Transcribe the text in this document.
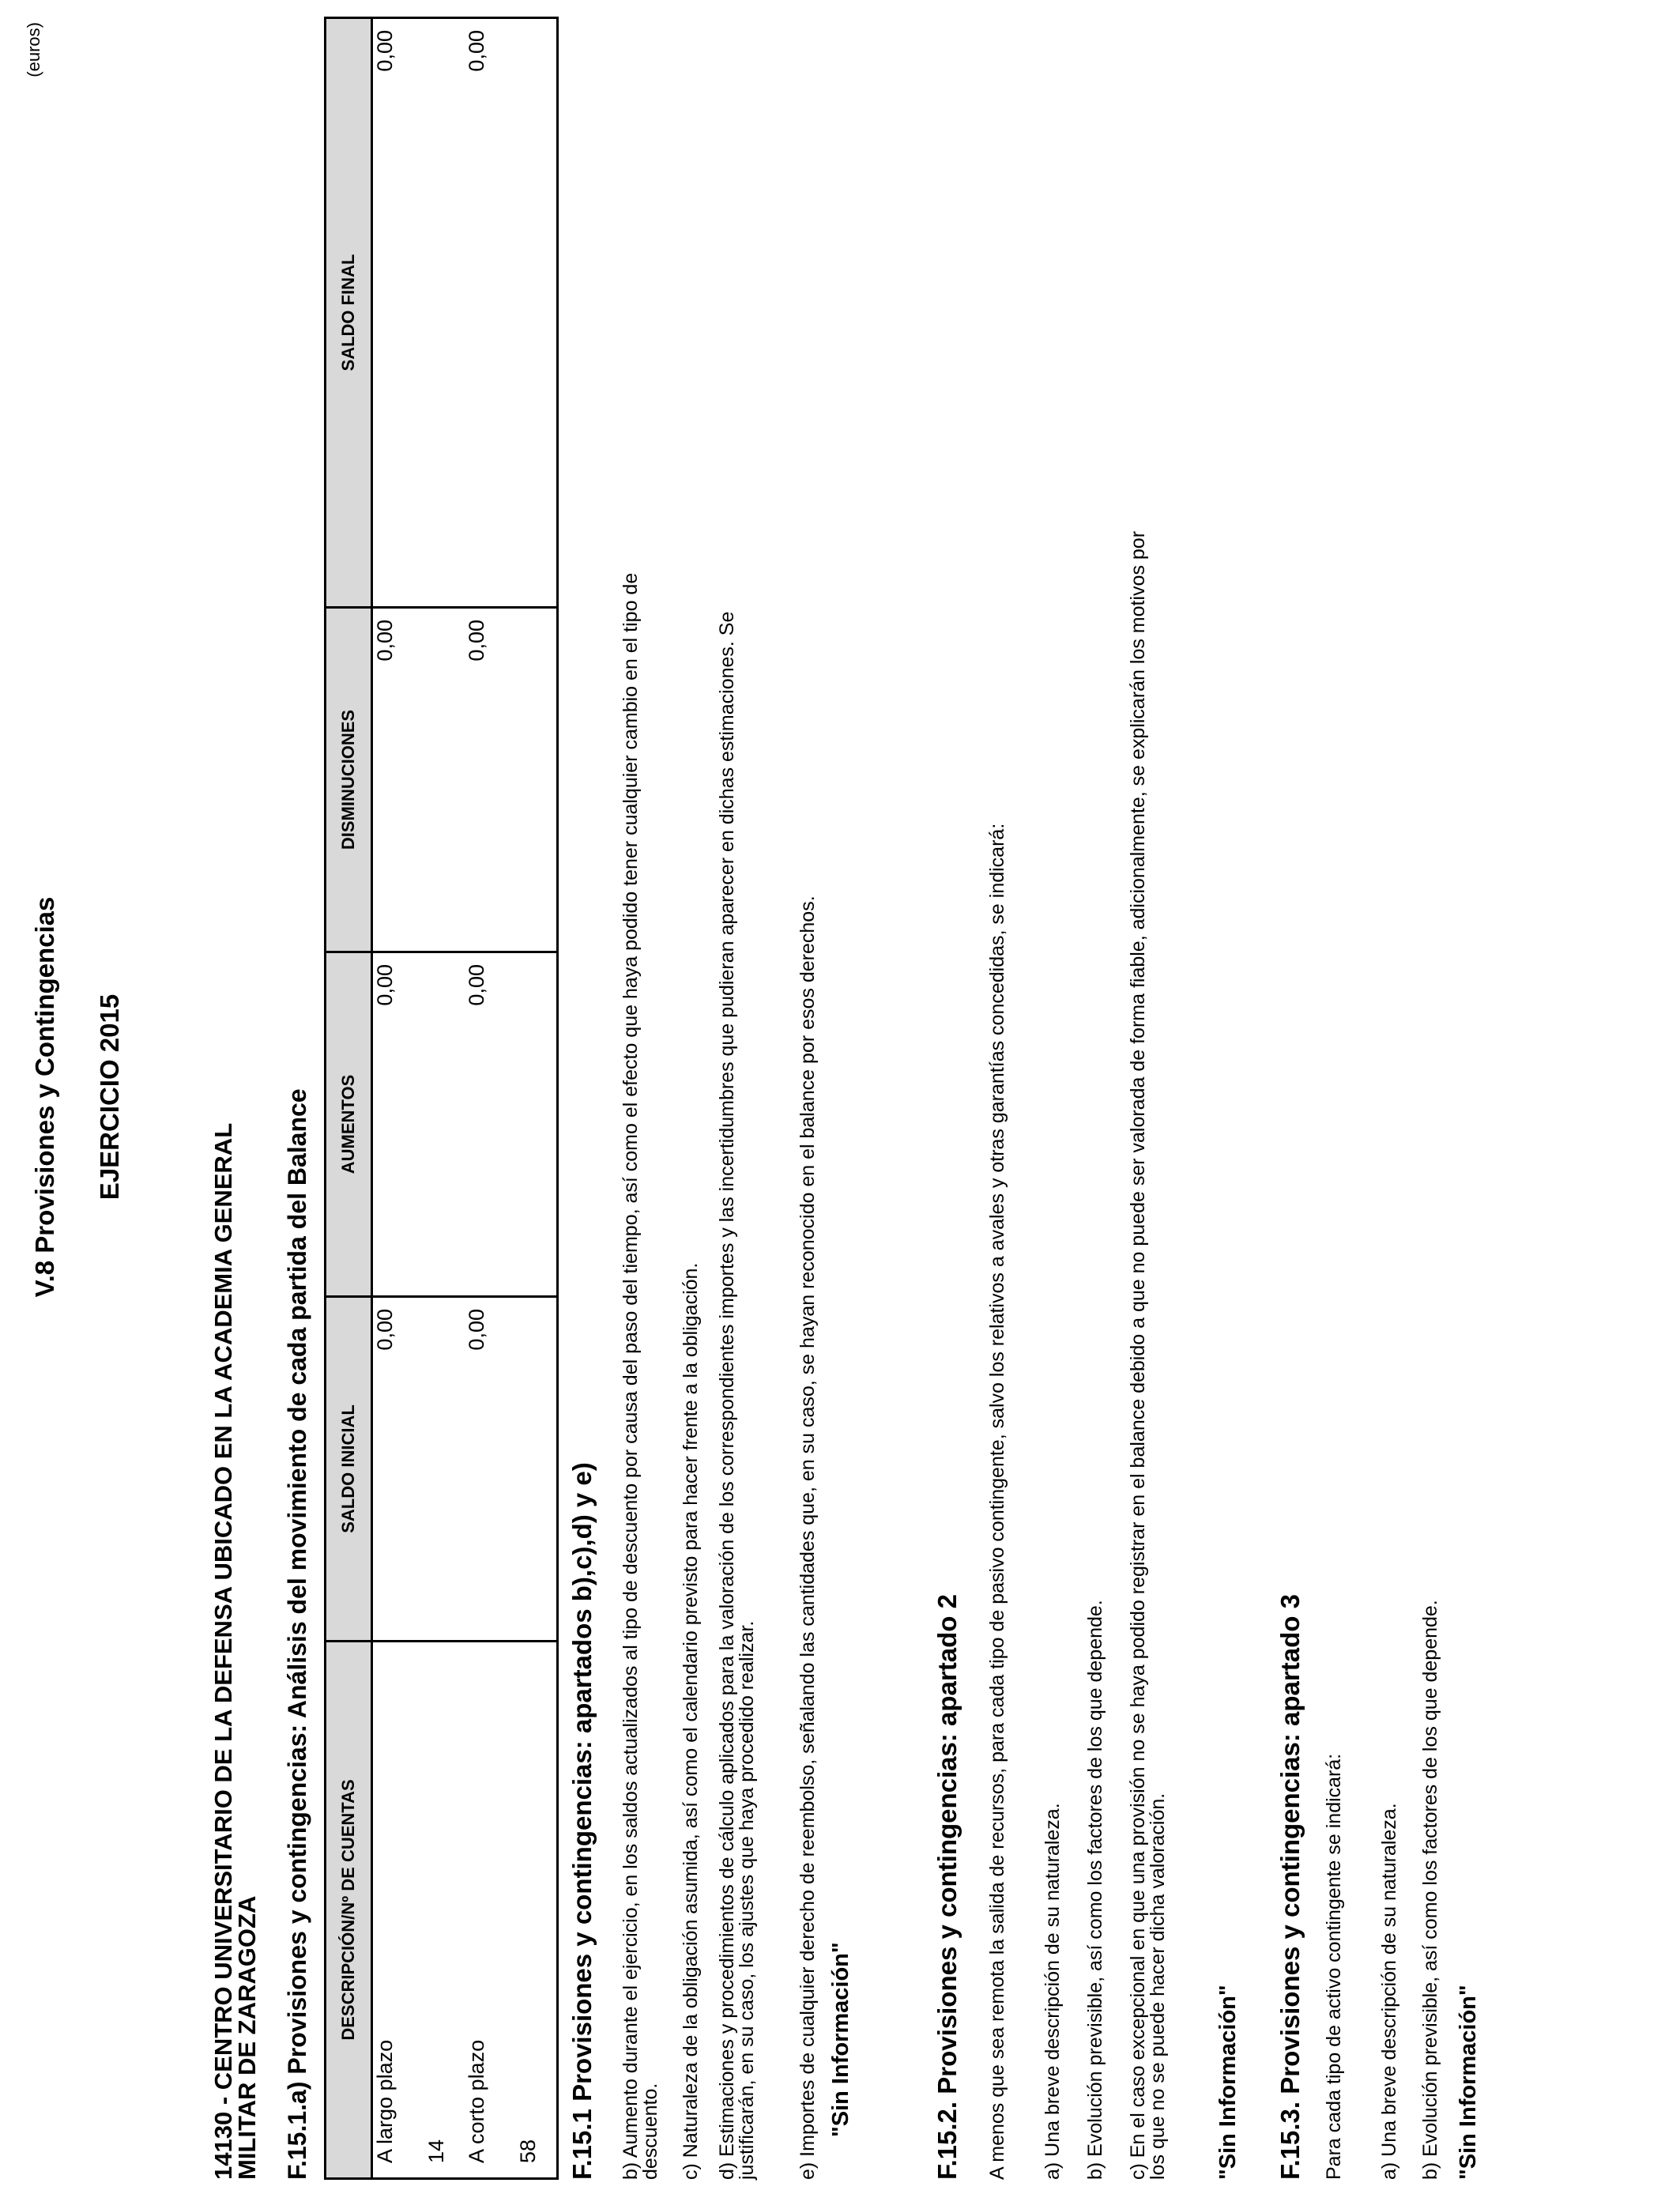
V.8 Provisiones y Contingencias EJERCICIO 2015
(euros)
14130 - CENTRO UNIVERSITARIO DE LA DEFENSA UBICADO EN LA ACADEMIA GENERAL
MILITAR DE ZARAGOZA F.15.1.a) Provisiones y contingencias: Análisis del movimiento de cada partida del Balance DESCRIPCIÓN/Nº DE CUENTAS	SALDO INICIAL	AUMENTOS	DISMINUCIONES	SALDO FINAL
A largo plazo 14	0,00	0,00	0,00	0,00
A corto plazo 58	0,00	0,00	0,00	0,00
F.15.1 Provisiones y contingencias: apartados b),c),d) y e) b) Aumento durante el ejercicio, en los saldos actualizados al tipo de descuento por causa del paso del tiempo, así como el efecto que haya podido tener cualquier cambio en el tipo de
descuento. c) Naturaleza de la obligación asumida, así como el calendario previsto para hacer frente a la obligación. d) Estimaciones y procedimientos de cálculo aplicados para la valoración de los correspondientes importes y las incertidumbres que pudieran aparecer en dichas estimaciones. Se
justificarán, en su caso, los ajustes que haya procedido realizar. e) Importes de cualquier derecho de reembolso, señalando las cantidades que, en su caso, se hayan reconocido en el balance por esos derechos. "Sin Información"	F.15.2. Provisiones y contingencias: apartado 2 A menos que sea remota la salida de recursos, para cada tipo de pasivo contingente, salvo los relativos a avales y otras garantías concedidas, se indicará: a) Una breve descripción de su naturaleza. b) Evolución previsible, así como los factores de los que depende. c) En el caso excepcional en que una provisión no se haya podido registrar en el balance debido a que no puede ser valorada de forma fiable, adicionalmente, se explicarán los motivos por
los que no se puede hacer dicha valoración. "Sin Información" F.15.3. Provisiones y contingencias: apartado 3 Para cada tipo de activo contingente se indicará: a) Una breve descripción de su naturaleza. b) Evolución previsible, así como los factores de los que depende. "Sin Información"
